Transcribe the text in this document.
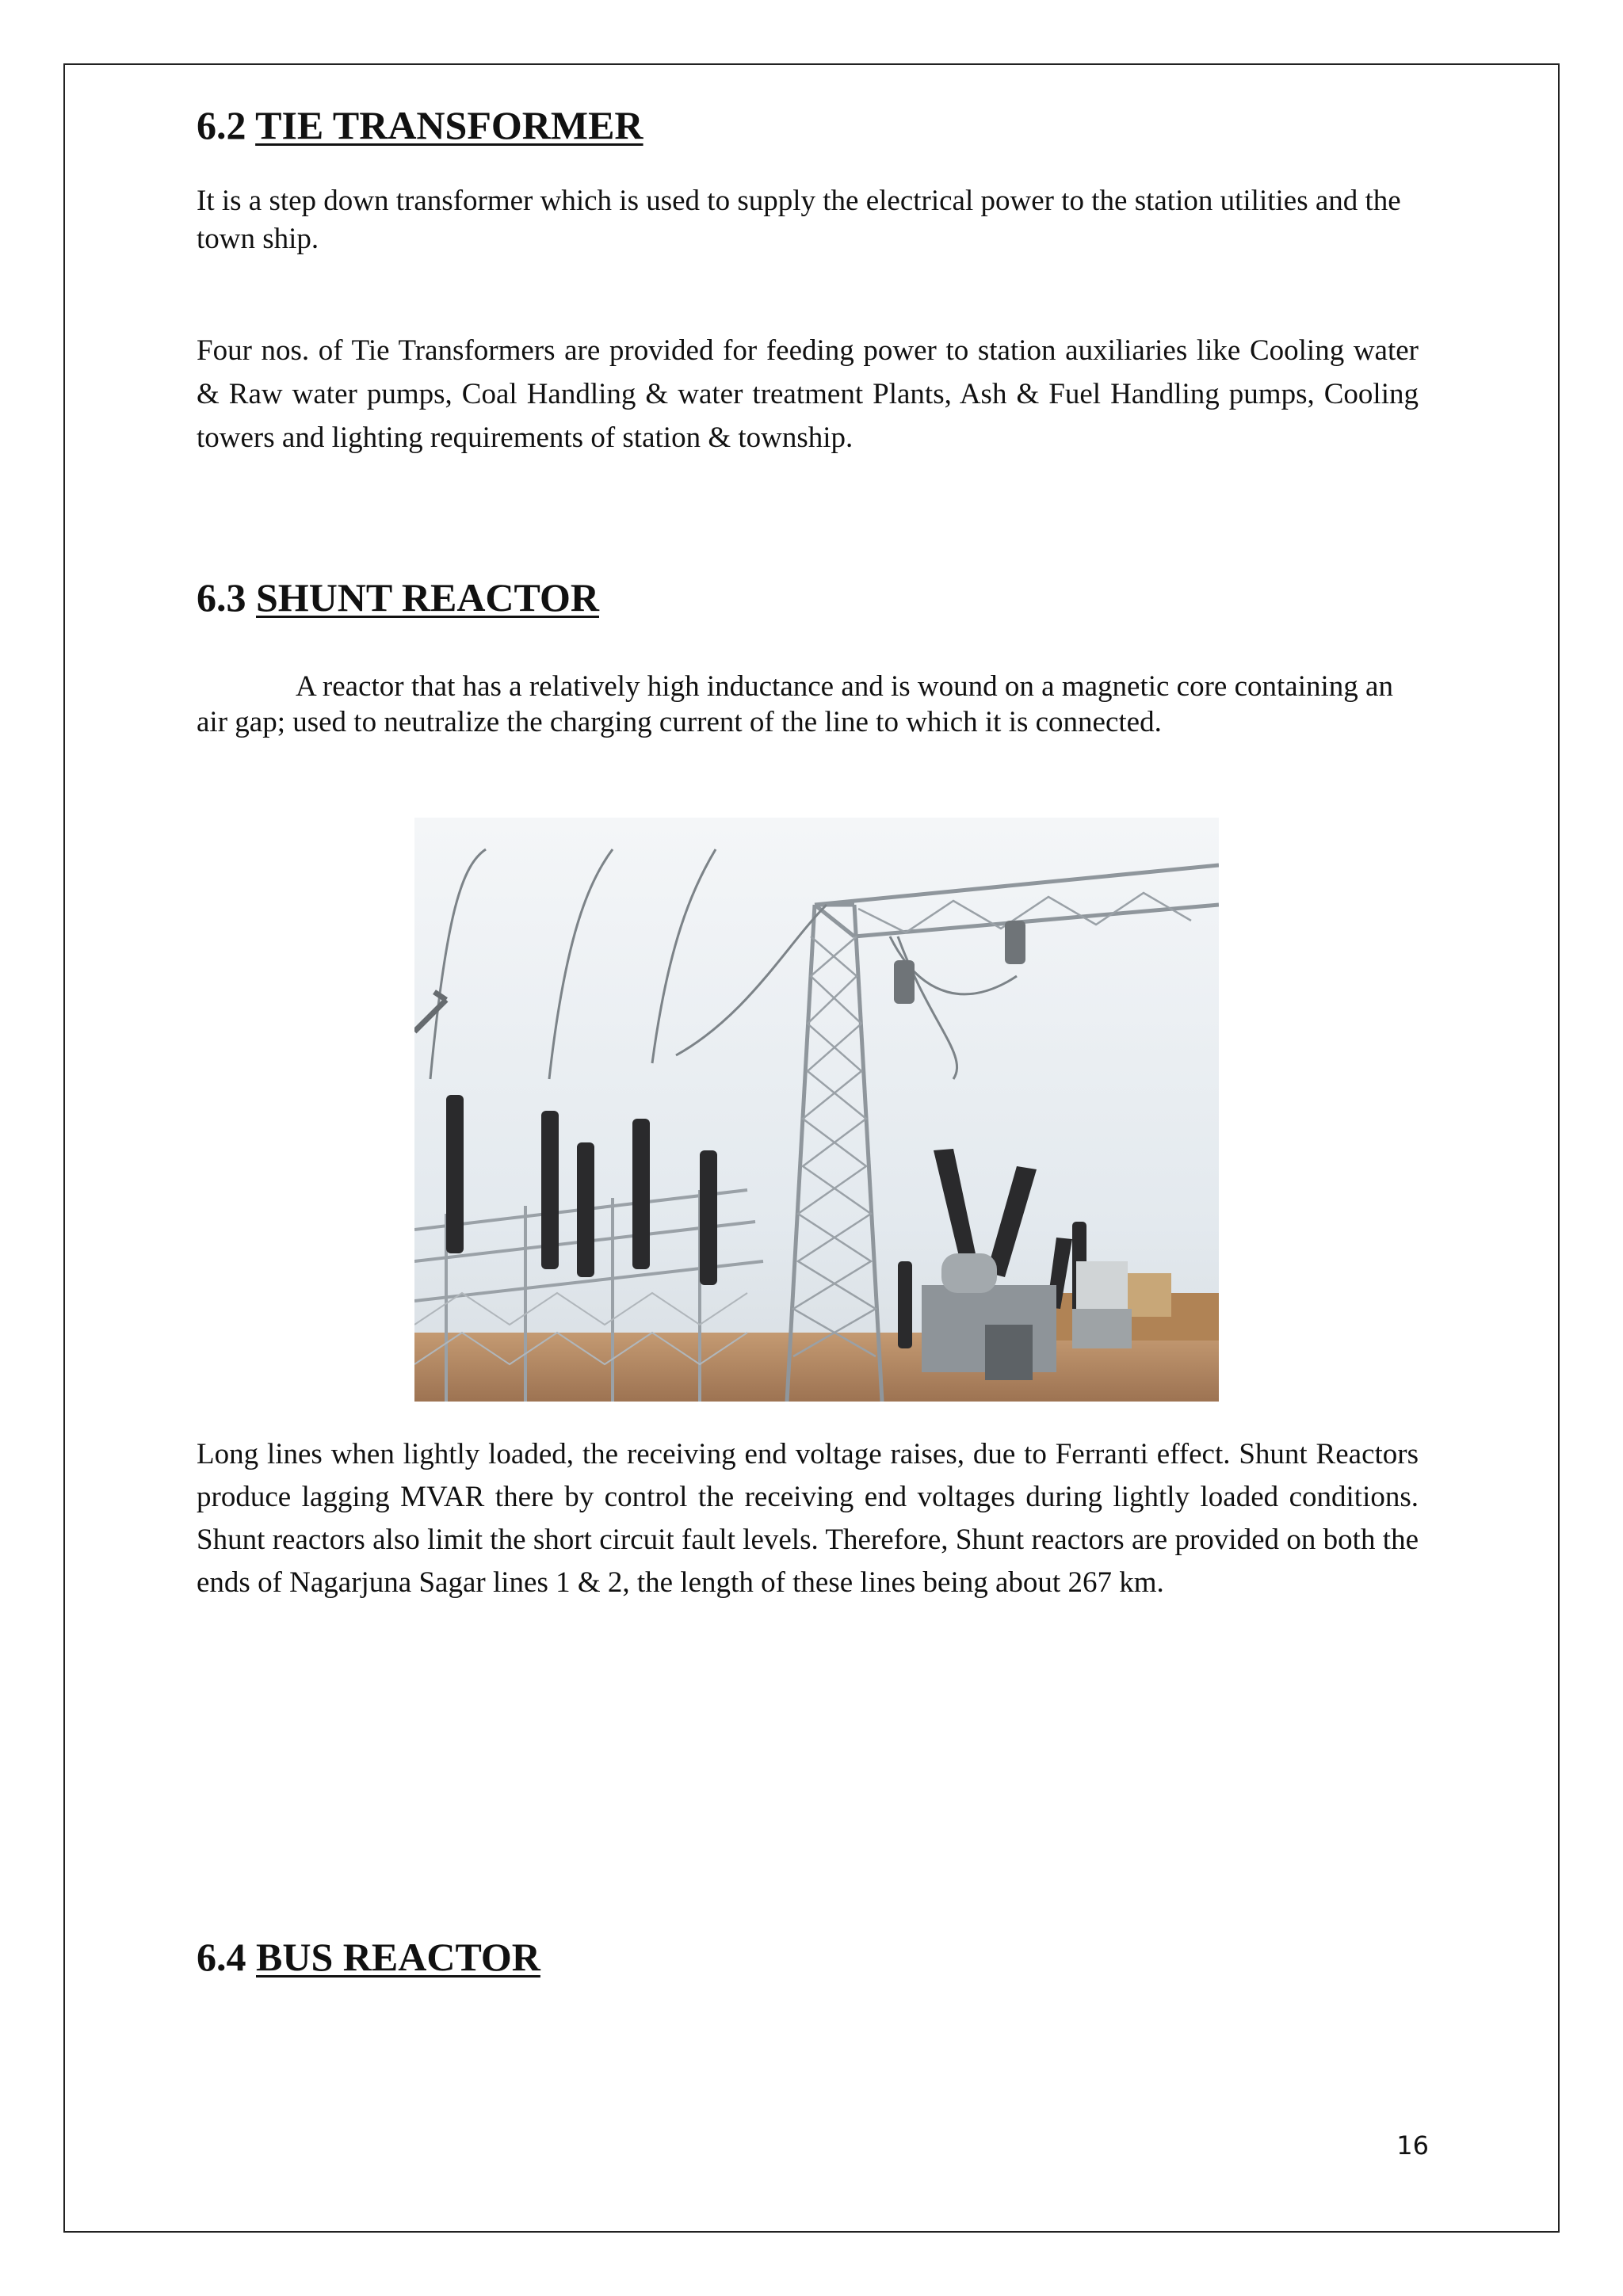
6.2 TIE TRANSFORMER

It is a step down transformer which is used to supply the electrical power to the station utilities and the town ship.

Four nos. of Tie Transformers are provided for feeding power to station auxiliaries like Cooling water & Raw water pumps, Coal Handling & water treatment Plants, Ash & Fuel Handling pumps, Cooling towers and lighting requirements of station & township.

6.3 SHUNT REACTOR

A reactor that has a relatively high inductance and is wound on a magnetic core containing an air gap; used to neutralize the charging current of the line to which it is connected.

Long lines when lightly loaded, the receiving end voltage raises, due to Ferranti effect. Shunt Reactors produce lagging MVAR there by control the receiving end voltages during lightly loaded conditions. Shunt reactors also limit the short circuit fault levels. Therefore, Shunt reactors are provided on both the ends of Nagarjuna Sagar lines 1 & 2, the length of these lines being about 267 km.

6.4 BUS REACTOR
16
